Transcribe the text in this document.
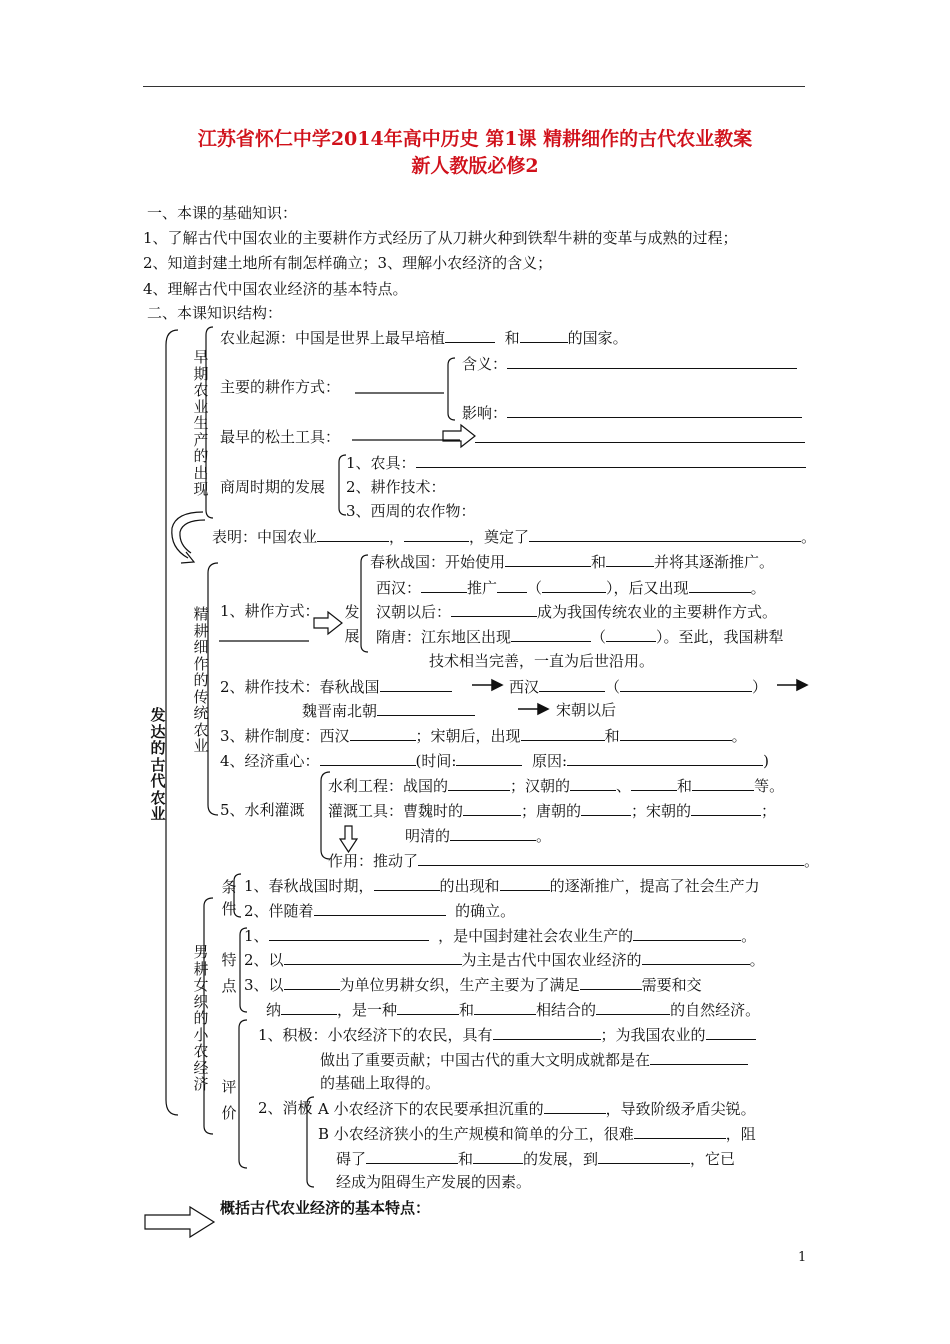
江苏省怀仁中学2014年高中历史 第1课 精耕细作的古代农业教案
新人教版必修2
一、本课的基础知识：
1、了解古代中国农业的主要耕作方式经历了从刀耕火种到铁犁牛耕的变革与成熟的过程；
2、知道封建土地所有制怎样确立；3、理解小农经济的含义；
4、理解古代中国农业经济的基本特点。
二、本课知识结构：
发达的古代农业
早期农业生产的出现
精耕细作的传统农业
男耕女织的小农经济
条件
特点
评价
发展
农业起源：中国是世界上最早培植	和	的国家。
含义：
主要的耕作方式：
影响：
最早的松土工具：
1、农具：
商周时期的发展 2、耕作技术：
3、西周的农作物：
表明：中国农业	，	，奠定了	。
春秋战国：开始使用	和	并将其逐渐推广。
西汉：	推广 （	），后又出现	。
1、耕作方式：	汉朝以后：	成为我国传统农业的主要耕作方式。
隋唐：江东地区出现	（	）。至此，我国耕犁
技术相当完善，一直为后世沿用。
2、耕作技术：春秋战国	西汉	（	）
魏晋南北朝	宋朝以后
3、耕作制度：西汉	；宋朝后，出现	和	。
4、经济重心：	(时间:	原因:	)
水利工程：战国的	；汉朝的	、	和	等。
5、水利灌溉 灌溉工具：曹魏时的	；唐朝的	；宋朝的	；
明清的	。
作用：推动了	。
1、春秋战国时期，	的出现和	的逐渐推广，提高了社会生产力
2、伴随着	的确立。
1、	，是中国封建社会农业生产的	。
2、以	为主是古代中国农业经济的	。
3、以	为单位男耕女织，生产主要为了满足	需要和交
纳	，是一种	和	相结合的	的自然经济。
1、积极：小农经济下的农民，具有	；为我国农业的
做出了重要贡献；中国古代的重大文明成就都是在
的基础上取得的。
2、消极 A 小农经济下的农民要承担沉重的	，导致阶级矛盾尖锐。
B 小农经济狭小的生产规模和简单的分工，很难	，阻
碍了	和	的发展，到	，它已
经成为阻碍生产发展的因素。
概括古代农业经济的基本特点：
1
